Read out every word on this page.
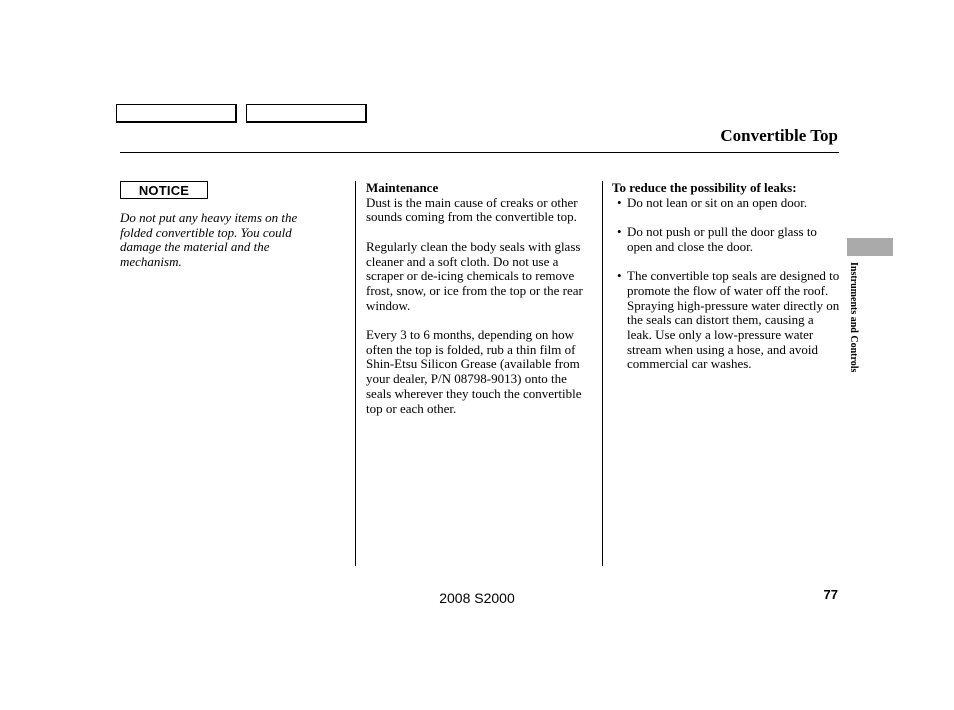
Convertible Top
NOTICE
Do not put any heavy items on the folded convertible top. You could damage the material and the mechanism.
Maintenance

Dust is the main cause of creaks or other sounds coming from the convertible top.

Regularly clean the body seals with glass cleaner and a soft cloth. Do not use a scraper or de-icing chemicals to remove frost, snow, or ice from the top or the rear window.

Every 3 to 6 months, depending on how often the top is folded, rub a thin film of Shin-Etsu Silicon Grease (available from your dealer, P/N 08798-9013) onto the seals wherever they touch the convertible top or each other.

To reduce the possibility of leaks:
• Do not lean or sit on an open door.
• Do not push or pull the door glass to open and close the door.
• The convertible top seals are designed to promote the flow of water off the roof. Spraying high-pressure water directly on the seals can distort them, causing a leak. Use only a low-pressure water stream when using a hose, and avoid commercial car washes.	Instruments and Controls
2008 S2000	77
